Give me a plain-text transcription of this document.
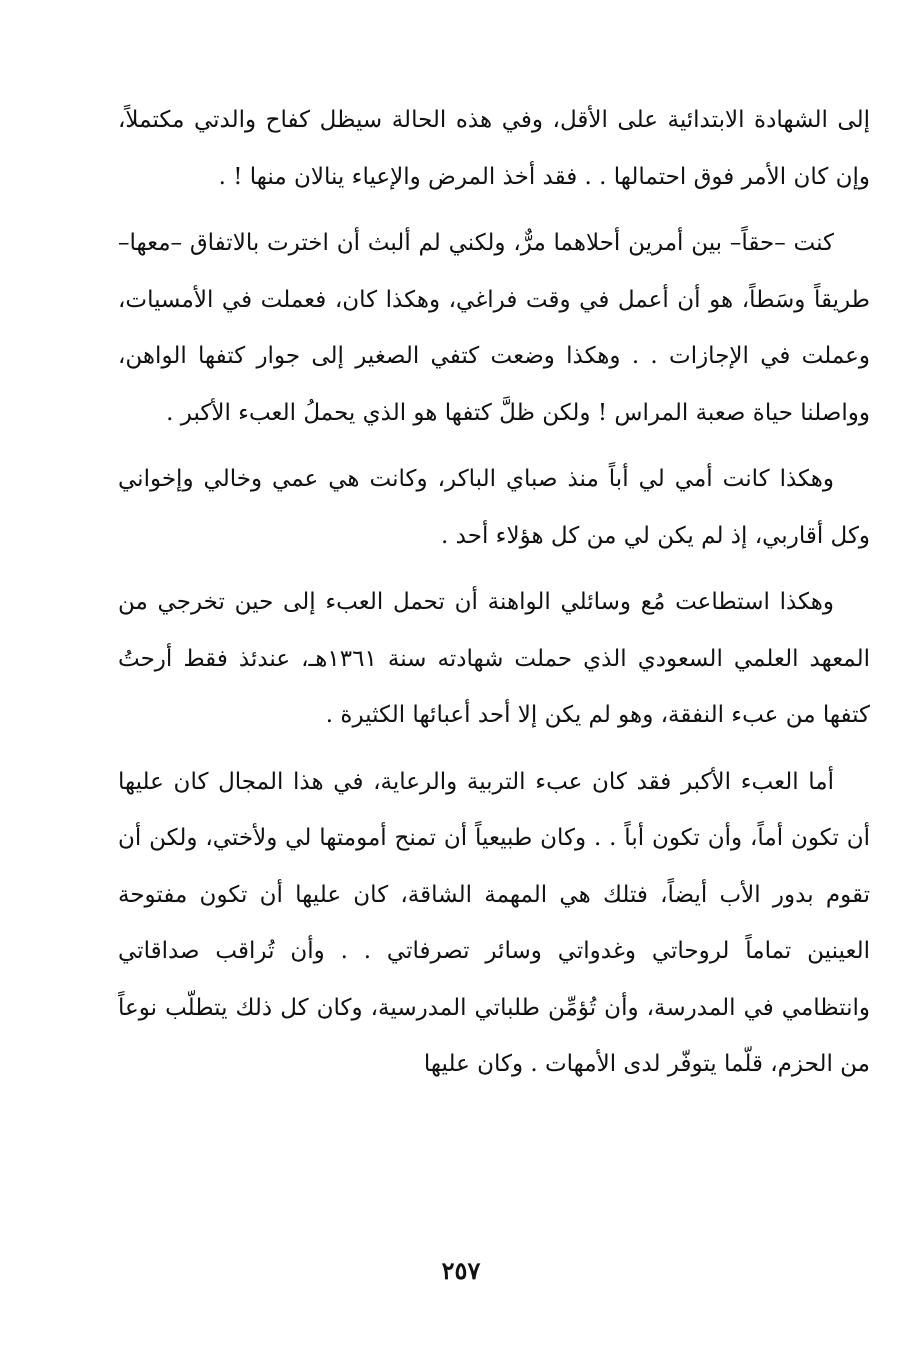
إلى الشهادة الابتدائية على الأقل، وفي هذه الحالة سيظل كفاح والدتي مكتملاً، وإن كان الأمر فوق احتمالها . . فقد أخذ المرض والإعياء ينالان منها ! .

كنت –حقاً– بين أمرين أحلاهما مرٌّ، ولكني لم ألبث أن اخترت بالاتفاق –معها– طريقاً وسَطاً، هو أن أعمل في وقت فراغي، وهكذا كان، فعملت في الأمسيات، وعملت في الإجازات . . وهكذا وضعت كتفي الصغير إلى جوار كتفها الواهن، وواصلنا حياة صعبة المراس ! ولكن ظلَّ كتفها هو الذي يحملُ العبء الأكبر .

وهكذا كانت أمي لي أباً منذ صباي الباكر، وكانت هي عمي وخالي وإخواني وكل أقاربي، إذ لم يكن لي من كل هؤلاء أحد .

وهكذا استطاعت مُع وسائلي الواهنة أن تحمل العبء إلى حين تخرجي من المعهد العلمي السعودي الذي حملت شهادته سنة ١٣٦١هـ، عندئذ فقط أرحتُ كتفها من عبء النفقة، وهو لم يكن إلا أحد أعبائها الكثيرة .

أما العبء الأكبر فقد كان عبء التربية والرعاية، في هذا المجال كان عليها أن تكون أماً، وأن تكون أباً . . وكان طبيعياً أن تمنح أمومتها لي ولأختي، ولكن أن تقوم بدور الأب أيضاً، فتلك هي المهمة الشاقة، كان عليها أن تكون مفتوحة العينين تماماً لروحاتي وغدواتي وسائر تصرفاتي . . وأن تُراقب صداقاتي وانتظامي في المدرسة، وأن تُؤمِّن طلباتي المدرسية، وكان كل ذلك يتطلّب نوعاً من الحزم، قلّما يتوفّر لدى الأمهات . وكان عليها

٢٥٧
